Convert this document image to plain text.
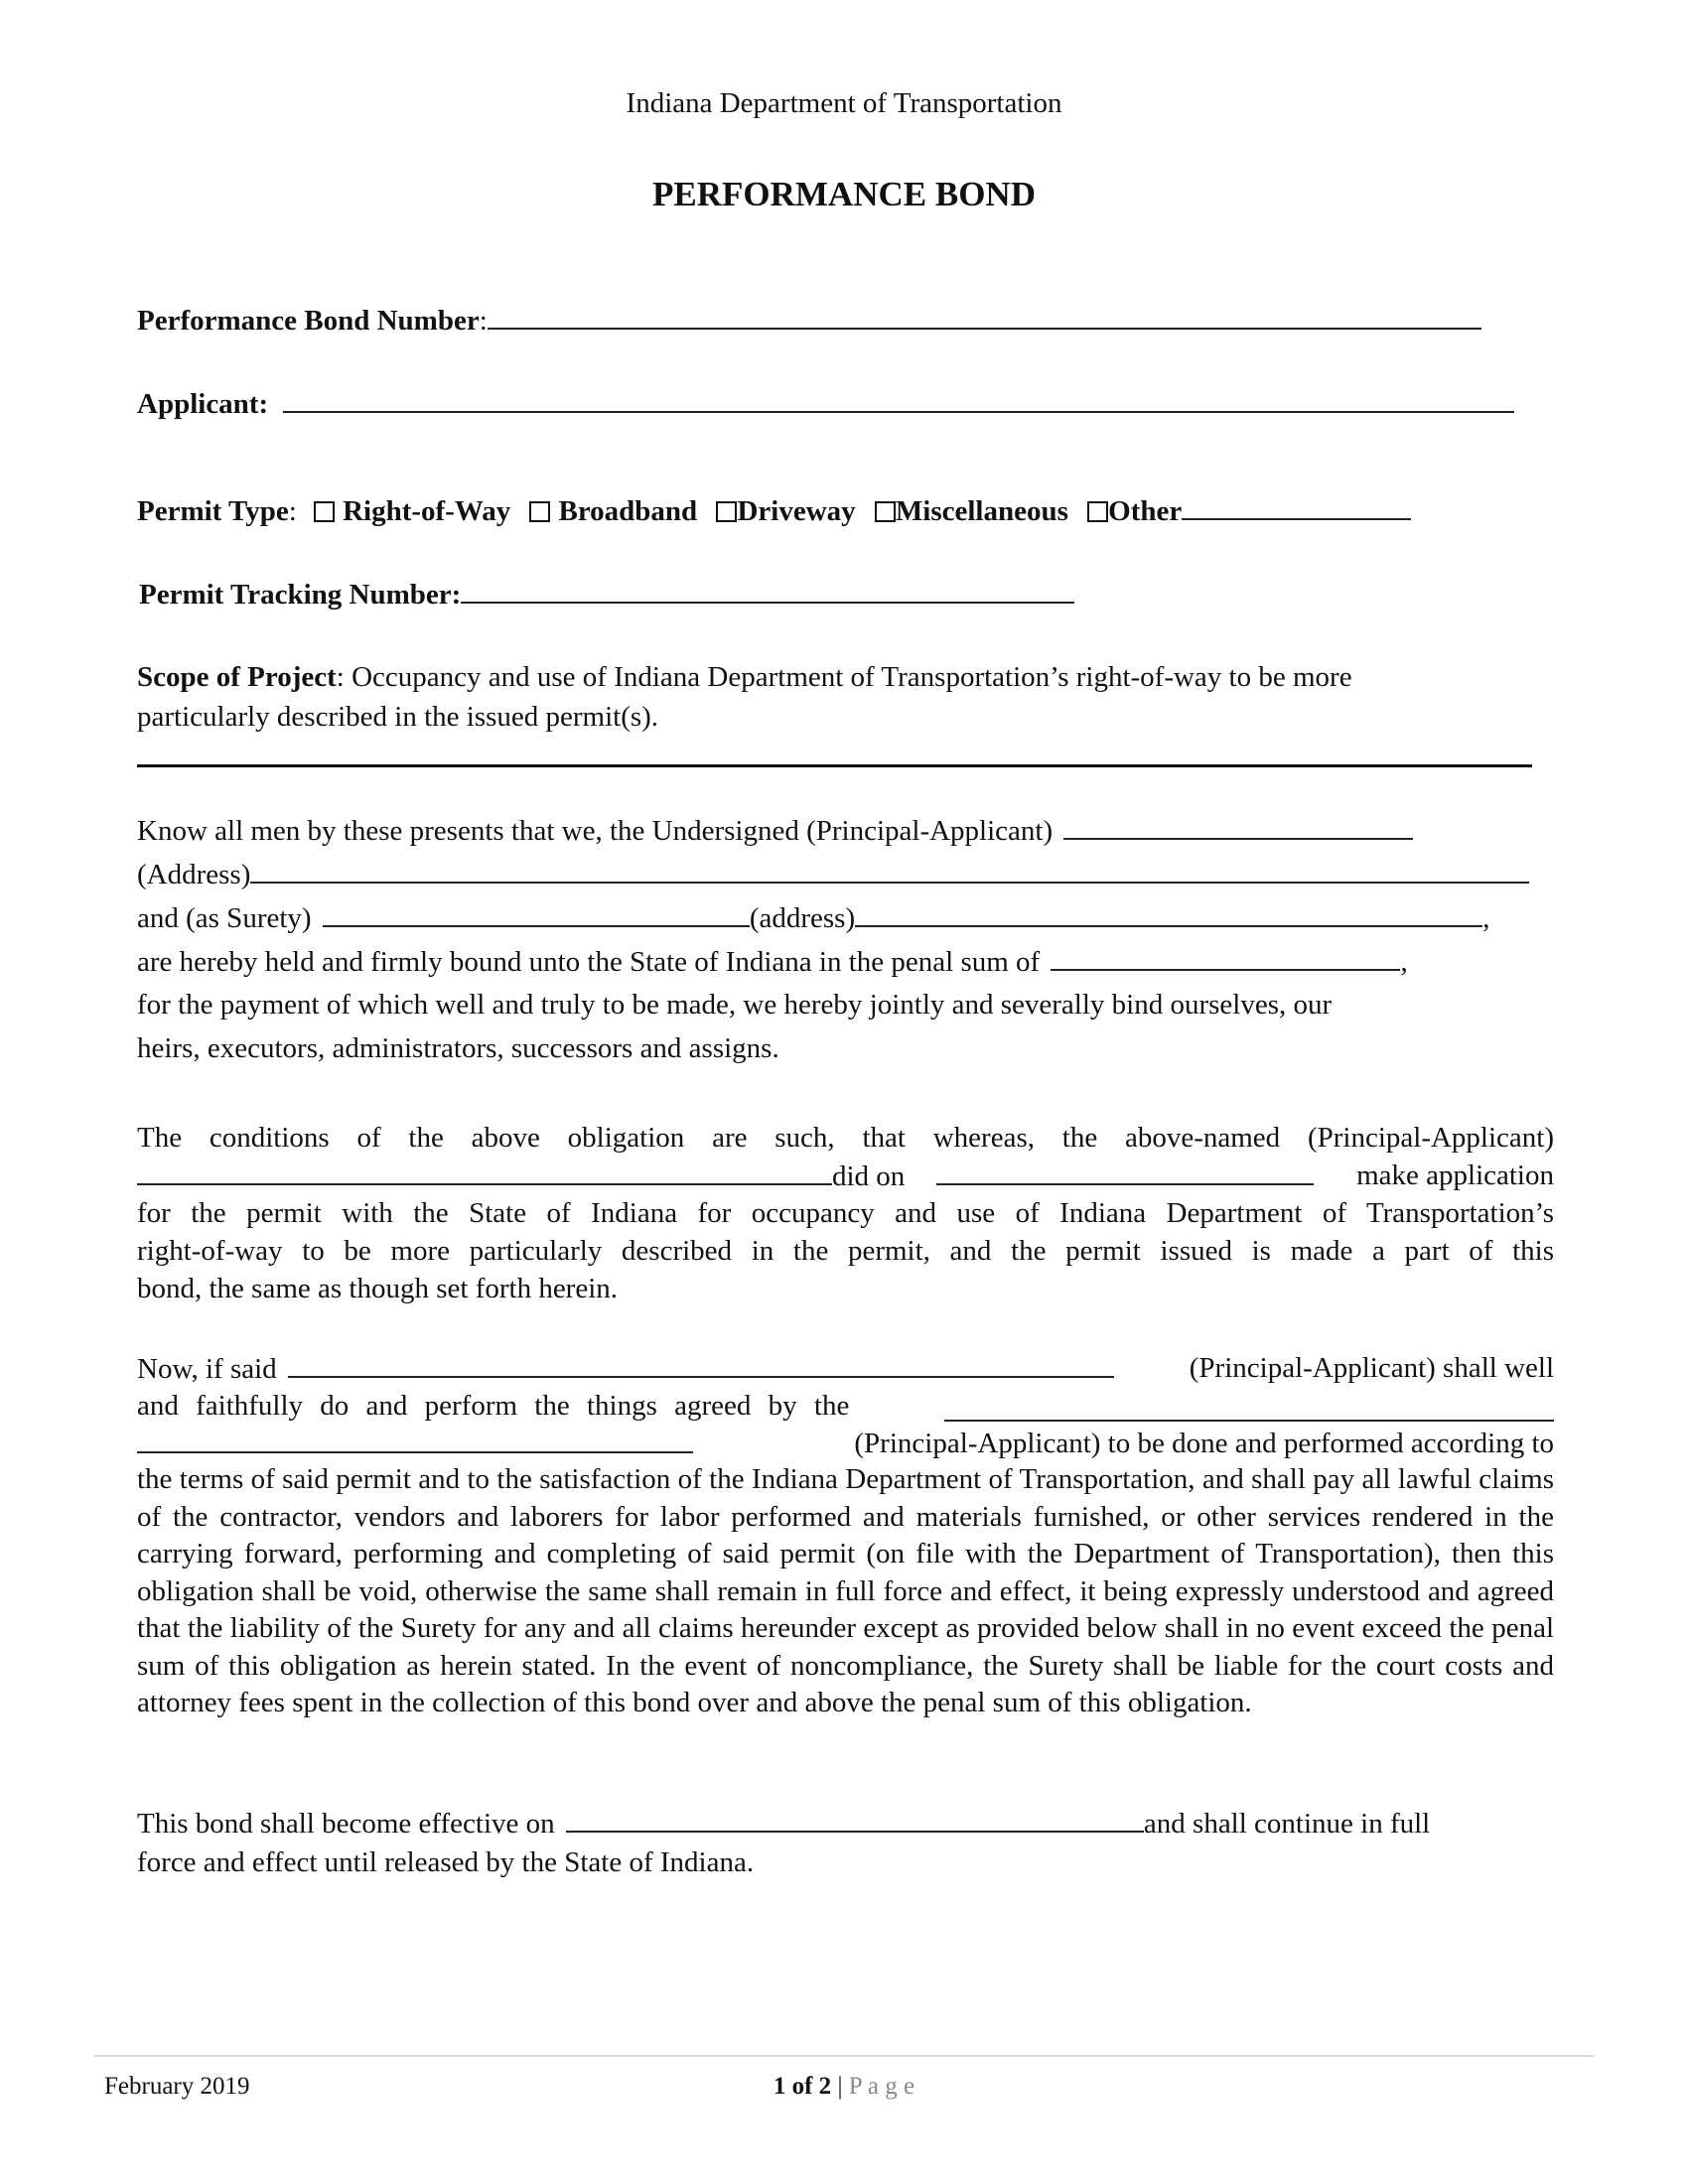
Indiana Department of Transportation
PERFORMANCE BOND
Performance Bond Number:
Applicant:
Permit Type: Right-of-Way Broadband Driveway Miscellaneous Other
Permit Tracking Number:
Scope of Project: Occupancy and use of Indiana Department of Transportation’s right-of-way to be more
particularly described in the issued permit(s).
Know all men by these presents that we, the Undersigned (Principal-Applicant)
(Address)
and (as Surety)	(address)	,
are hereby held and firmly bound unto the State of Indiana in the penal sum of	,
for the payment of which well and truly to be made, we hereby jointly and severally bind ourselves, our
heirs, executors, administrators, successors and assigns.
The conditions of the above obligation are such, that whereas, the above-named (Principal-Applicant)
did on	make application
for the permit with the State of Indiana for occupancy and use of Indiana Department of Transportation’s
right-of-way to be more particularly described in the permit, and the permit issued is made a part of this
bond, the same as though set forth herein.
Now, if said	(Principal-Applicant) shall well
and faithfully do and perform the things agreed by the
(Principal-Applicant) to be done and performed according to
the terms of said permit and to the satisfaction of the Indiana Department of Transportation, and shall pay all lawful claims of the contractor, vendors and laborers for labor performed and materials furnished, or other services rendered in the carrying forward, performing and completing of said permit (on file with the Department of Transportation), then this obligation shall be void, otherwise the same shall remain in full force and effect, it being expressly understood and agreed that the liability of the Surety for any and all claims hereunder except as provided below shall in no event exceed the penal sum of this obligation as herein stated. In the event of noncompliance, the Surety shall be liable for the court costs and attorney fees spent in the collection of this bond over and above the penal sum of this obligation.
This bond shall become effective on	and shall continue in full
force and effect until released by the State of Indiana.
February 2019	1 of 2 | P a g e
